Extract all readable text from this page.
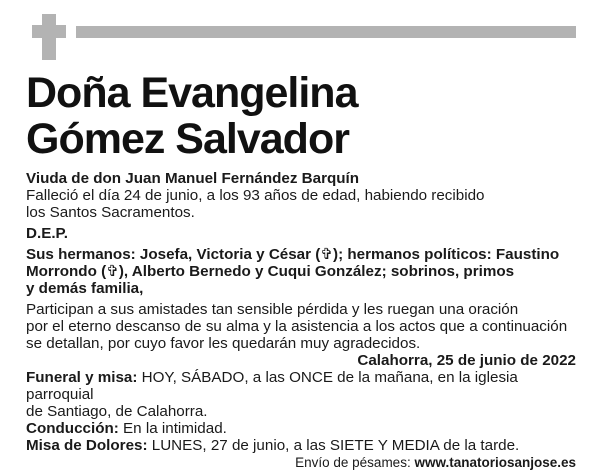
Doña Evangelina
Gómez Salvador

Viuda de don Juan Manuel Fernández Barquín

Falleció el día 24 de junio, a los 93 años de edad, habiendo recibido

los Santos Sacramentos.

D.E.P.

Sus hermanos: Josefa, Victoria y César (✞); hermanos políticos: Faustino

Morrondo (✞), Alberto Bernedo y Cuqui González; sobrinos, primos

y demás familia,

Participan a sus amistades tan sensible pérdida y les ruegan una oración

por el eterno descanso de su alma y la asistencia a los actos que a continuación

se detallan, por cuyo favor les quedarán muy agradecidos.

Calahorra, 25 de junio de 2022

Funeral y misa: HOY, SÁBADO, a las ONCE de la mañana, en la iglesia parroquial

de Santiago, de Calahorra.

Conducción: En la intimidad.

Misa de Dolores: LUNES, 27 de junio, a las SIETE Y MEDIA de la tarde.

Envío de pésames: www.tanatoriosanjose.es
